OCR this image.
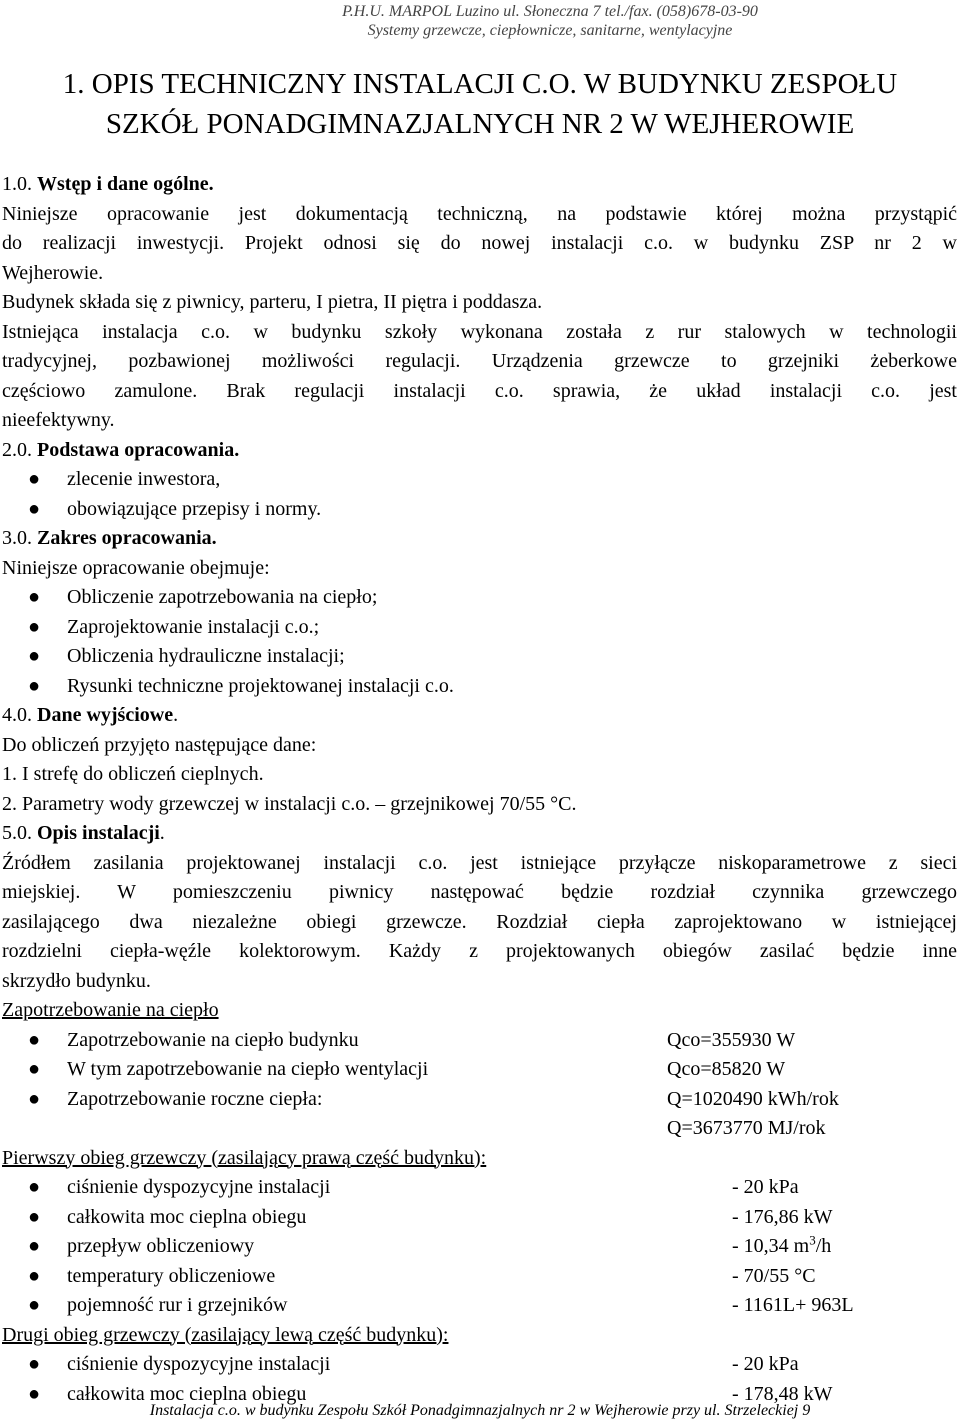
P.H.U. MARPOL Luzino ul. Słoneczna 7 tel./fax. (058)678-03-90
Systemy grzewcze, ciepłownicze, sanitarne, wentylacyjne
1. OPIS TECHNICZNY INSTALACJI C.O. W BUDYNKU ZESPOŁU
SZKÓŁ PONADGIMNAZJALNYCH NR 2 W WEJHEROWIE
1.0. Wstęp i dane ogólne.
Niniejsze opracowanie jest dokumentacją techniczną, na podstawie której można przystąpić
do realizacji inwestycji. Projekt odnosi się do nowej instalacji c.o. w budynku ZSP nr 2 w
Wejherowie.
Budynek składa się z piwnicy, parteru, I pietra, II piętra i poddasza.
Istniejąca instalacja c.o. w budynku szkoły wykonana została z rur stalowych w technologii
tradycyjnej, pozbawionej możliwości regulacji. Urządzenia grzewcze to grzejniki żeberkowe
częściowo zamulone. Brak regulacji instalacji c.o. sprawia, że układ instalacji c.o. jest
nieefektywny.
2.0. Podstawa opracowania.
● zlecenie inwestora,
● obowiązujące przepisy i normy.
3.0. Zakres opracowania.
Niniejsze opracowanie obejmuje:
● Obliczenie zapotrzebowania na ciepło;
● Zaprojektowanie instalacji c.o.;
● Obliczenia hydrauliczne instalacji;
● Rysunki techniczne projektowanej instalacji c.o.
4.0. Dane wyjściowe.
Do obliczeń przyjęto następujące dane:
1. I strefę do obliczeń cieplnych.
2. Parametry wody grzewczej w instalacji c.o. – grzejnikowej 70/55 °C.
5.0. Opis instalacji.
Źródłem zasilania projektowanej instalacji c.o. jest istniejące przyłącze niskoparametrowe z sieci
miejskiej. W pomieszczeniu piwnicy następować będzie rozdział czynnika grzewczego
zasilającego dwa niezależne obiegi grzewcze. Rozdział ciepła zaprojektowano w istniejącej
rozdzielni ciepła-węźle kolektorowym. Każdy z projektowanych obiegów zasilać będzie inne
skrzydło budynku.
Zapotrzebowanie na ciepło
● Zapotrzebowanie na ciepło budynku	Qco=355930 W
● W tym zapotrzebowanie na ciepło wentylacji	Qco=85820 W
● Zapotrzebowanie roczne ciepła:	Q=1020490 kWh/rok
Q=3673770 MJ/rok

Pierwszy obieg grzewczy (zasilający prawą część budynku):
● ciśnienie dyspozycyjne instalacji	- 20 kPa
● całkowita moc cieplna obiegu	- 176,86 kW
● przepływ obliczeniowy	- 10,34 $m^3/h$
● temperatury obliczeniowe	- 70/55 °C
● pojemność rur i grzejników	- 1161L+ 963L
Drugi obieg grzewczy (zasilający lewą część budynku):
● ciśnienie dyspozycyjne instalacji	- 20 kPa
● całkowita moc cieplna obiegu	- 178,48 kW
Instalacja c.o. w budynku Zespołu Szkół Ponadgimnazjalnych nr 2 w Wejherowie przy ul. Strzeleckiej 9
